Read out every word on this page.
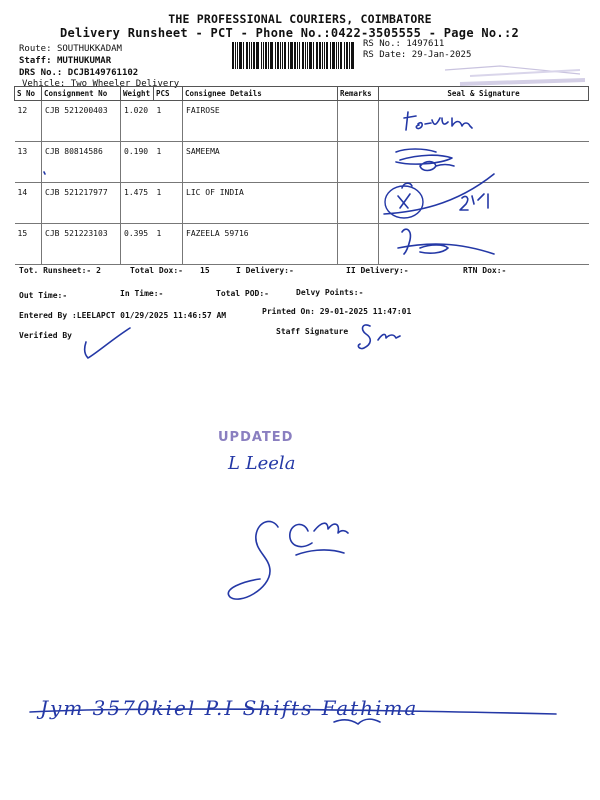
THE PROFESSIONAL COURIERS, COIMBATORE
Delivery Runsheet - PCT - Phone No.:0422-3505555 - Page No.:2
Route: SOUTHUKKADAM
Staff: MUTHUKUMAR
DRS No.: DCJB149761102
Vehicle: Two Wheeler Delivery
RS No.: 1497611
RS Date: 29-Jan-2025
S No	Consignment No	Weight	PCS	Consignee Details	Remarks	Seal & Signature

12	CJB 521200403	1.020	1	FAIROSE		

13	CJB 80814586	0.190	1	SAMEEMA		

14	CJB 521217977	1.475	1	LIC OF INDIA		

15	CJB 521223103	0.395	1	FAZEELA 59716		

Tot. Runsheet:- 2	Total Dox:- 15	I Delivery:-	II Delivery:-	RTN Dox:-
Out Time:-	In Time:-	Total POD:-	Delvy Points:-
Entered By :LEELAPCT 01/29/2025 11:46:57 AM	Printed On: 29-01-2025 11:47:01
Verified By	Staff Signature
UPDATED
L Leela
Jym 3570kiel P.I Shifts Fathima
